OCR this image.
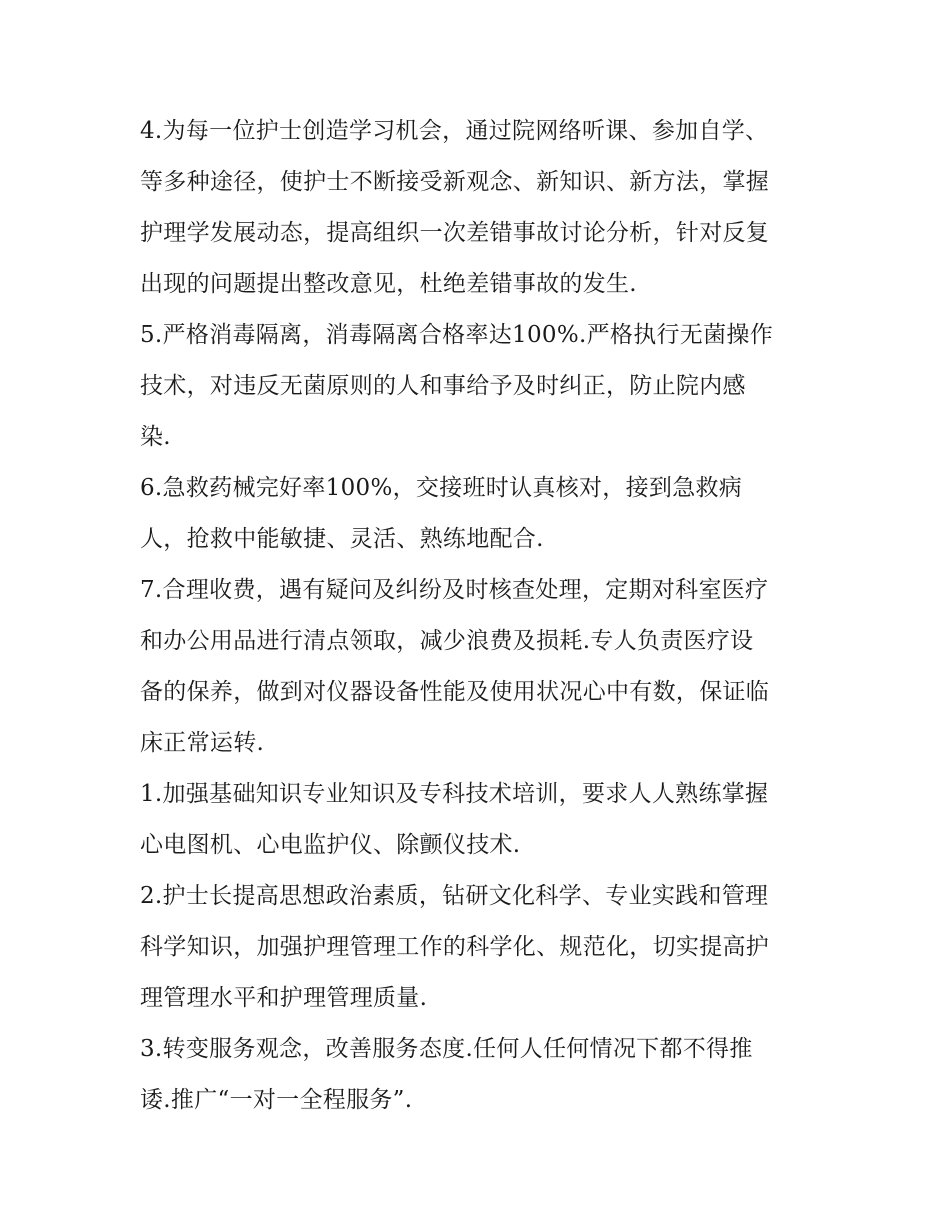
4.为每一位护士创造学习机会，通过院网络听课、参加自学、
等多种途径，使护士不断接受新观念、新知识、新方法，掌握
护理学发展动态，提高组织一次差错事故讨论分析，针对反复
出现的问题提出整改意见，杜绝差错事故的发生.
5.严格消毒隔离，消毒隔离合格率达100%.严格执行无菌操作
技术，对违反无菌原则的人和事给予及时纠正，防止院内感
染.
6.急救药械完好率100%，交接班时认真核对，接到急救病
人，抢救中能敏捷、灵活、熟练地配合.
7.合理收费，遇有疑问及纠纷及时核查处理，定期对科室医疗
和办公用品进行清点领取，减少浪费及损耗.专人负责医疗设
备的保养，做到对仪器设备性能及使用状况心中有数，保证临
床正常运转.
1.加强基础知识专业知识及专科技术培训，要求人人熟练掌握
心电图机、心电监护仪、除颤仪技术.
2.护士长提高思想政治素质，钻研文化科学、专业实践和管理
科学知识，加强护理管理工作的科学化、规范化，切实提高护
理管理水平和护理管理质量.
3.转变服务观念，改善服务态度.任何人任何情况下都不得推
诿.推广“一对一全程服务”.
